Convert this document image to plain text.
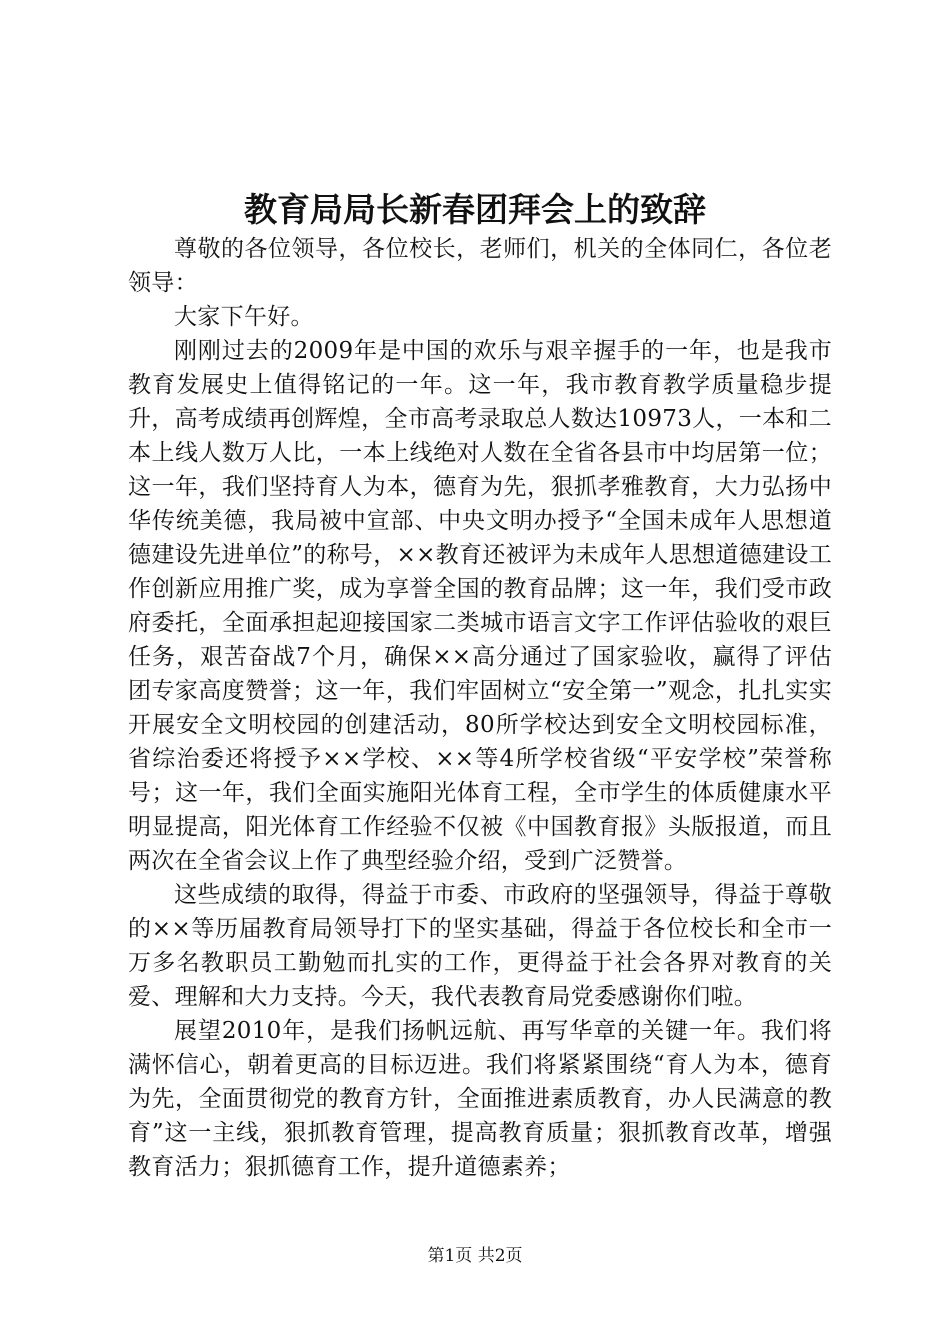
教育局局长新春团拜会上的致辞

尊敬的各位领导，各位校长，老师们，机关的全体同仁，各位老领导：

大家下午好。

刚刚过去的2009年是中国的欢乐与艰辛握手的一年，也是我市教育发展史上值得铭记的一年。这一年，我市教育教学质量稳步提升，高考成绩再创辉煌，全市高考录取总人数达10973人，一本和二本上线人数万人比，一本上线绝对人数在全省各县市中均居第一位；这一年，我们坚持育人为本，德育为先，狠抓孝雅教育，大力弘扬中华传统美德，我局被中宣部、中央文明办授予“全国未成年人思想道德建设先进单位”的称号，××教育还被评为未成年人思想道德建设工作创新应用推广奖，成为享誉全国的教育品牌；这一年，我们受市政府委托，全面承担起迎接国家二类城市语言文字工作评估验收的艰巨任务，艰苦奋战7个月，确保××高分通过了国家验收，赢得了评估团专家高度赞誉；这一年，我们牢固树立“安全第一”观念，扎扎实实开展安全文明校园的创建活动，80所学校达到安全文明校园标准，省综治委还将授予××学校、××等4所学校省级“平安学校”荣誉称号；这一年，我们全面实施阳光体育工程，全市学生的体质健康水平明显提高，阳光体育工作经验不仅被《中国教育报》头版报道，而且两次在全省会议上作了典型经验介绍，受到广泛赞誉。

这些成绩的取得，得益于市委、市政府的坚强领导，得益于尊敬的××等历届教育局领导打下的坚实基础，得益于各位校长和全市一万多名教职员工勤勉而扎实的工作，更得益于社会各界对教育的关爱、理解和大力支持。今天，我代表教育局党委感谢你们啦。

展望2010年，是我们扬帆远航、再写华章的关键一年。我们将满怀信心，朝着更高的目标迈进。我们将紧紧围绕“育人为本，德育为先，全面贯彻党的教育方针，全面推进素质教育，办人民满意的教育”这一主线，狠抓教育管理，提高教育质量；狠抓教育改革，增强教育活力；狠抓德育工作，提升道德素养；

第1页 共2页
